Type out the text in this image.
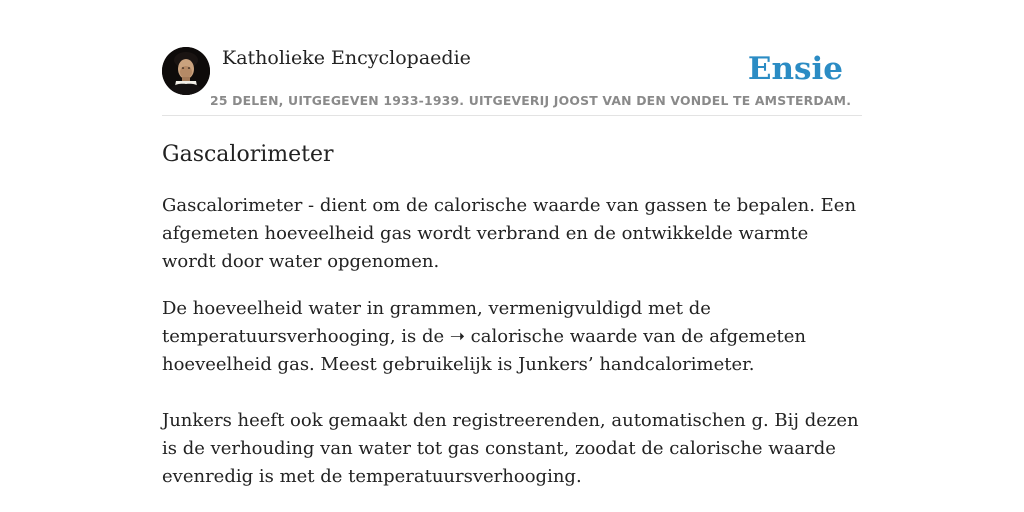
Katholieke Encyclopaedie
25 DELEN, UITGEGEVEN 1933-1939. UITGEVERIJ JOOST VAN DEN VONDEL TE AMSTERDAM.
Ensie
Gascalorimeter

Gascalorimeter - dient om de calorische waarde van gassen te bepalen. Een afgemeten hoeveelheid gas wordt verbrand en de ontwikkelde warmte wordt door water opgenomen.

De hoeveelheid water in grammen, vermenigvuldigd met de temperatuursverhooging, is de ➝ calorische waarde van de afgemeten hoeveelheid gas. Meest gebruikelijk is Junkers’ handcalorimeter.

Junkers heeft ook gemaakt den registreerenden, automatischen g. Bij dezen is de verhouding van water tot gas constant, zoodat de calorische waarde evenredig is met de temperatuursverhooging.
